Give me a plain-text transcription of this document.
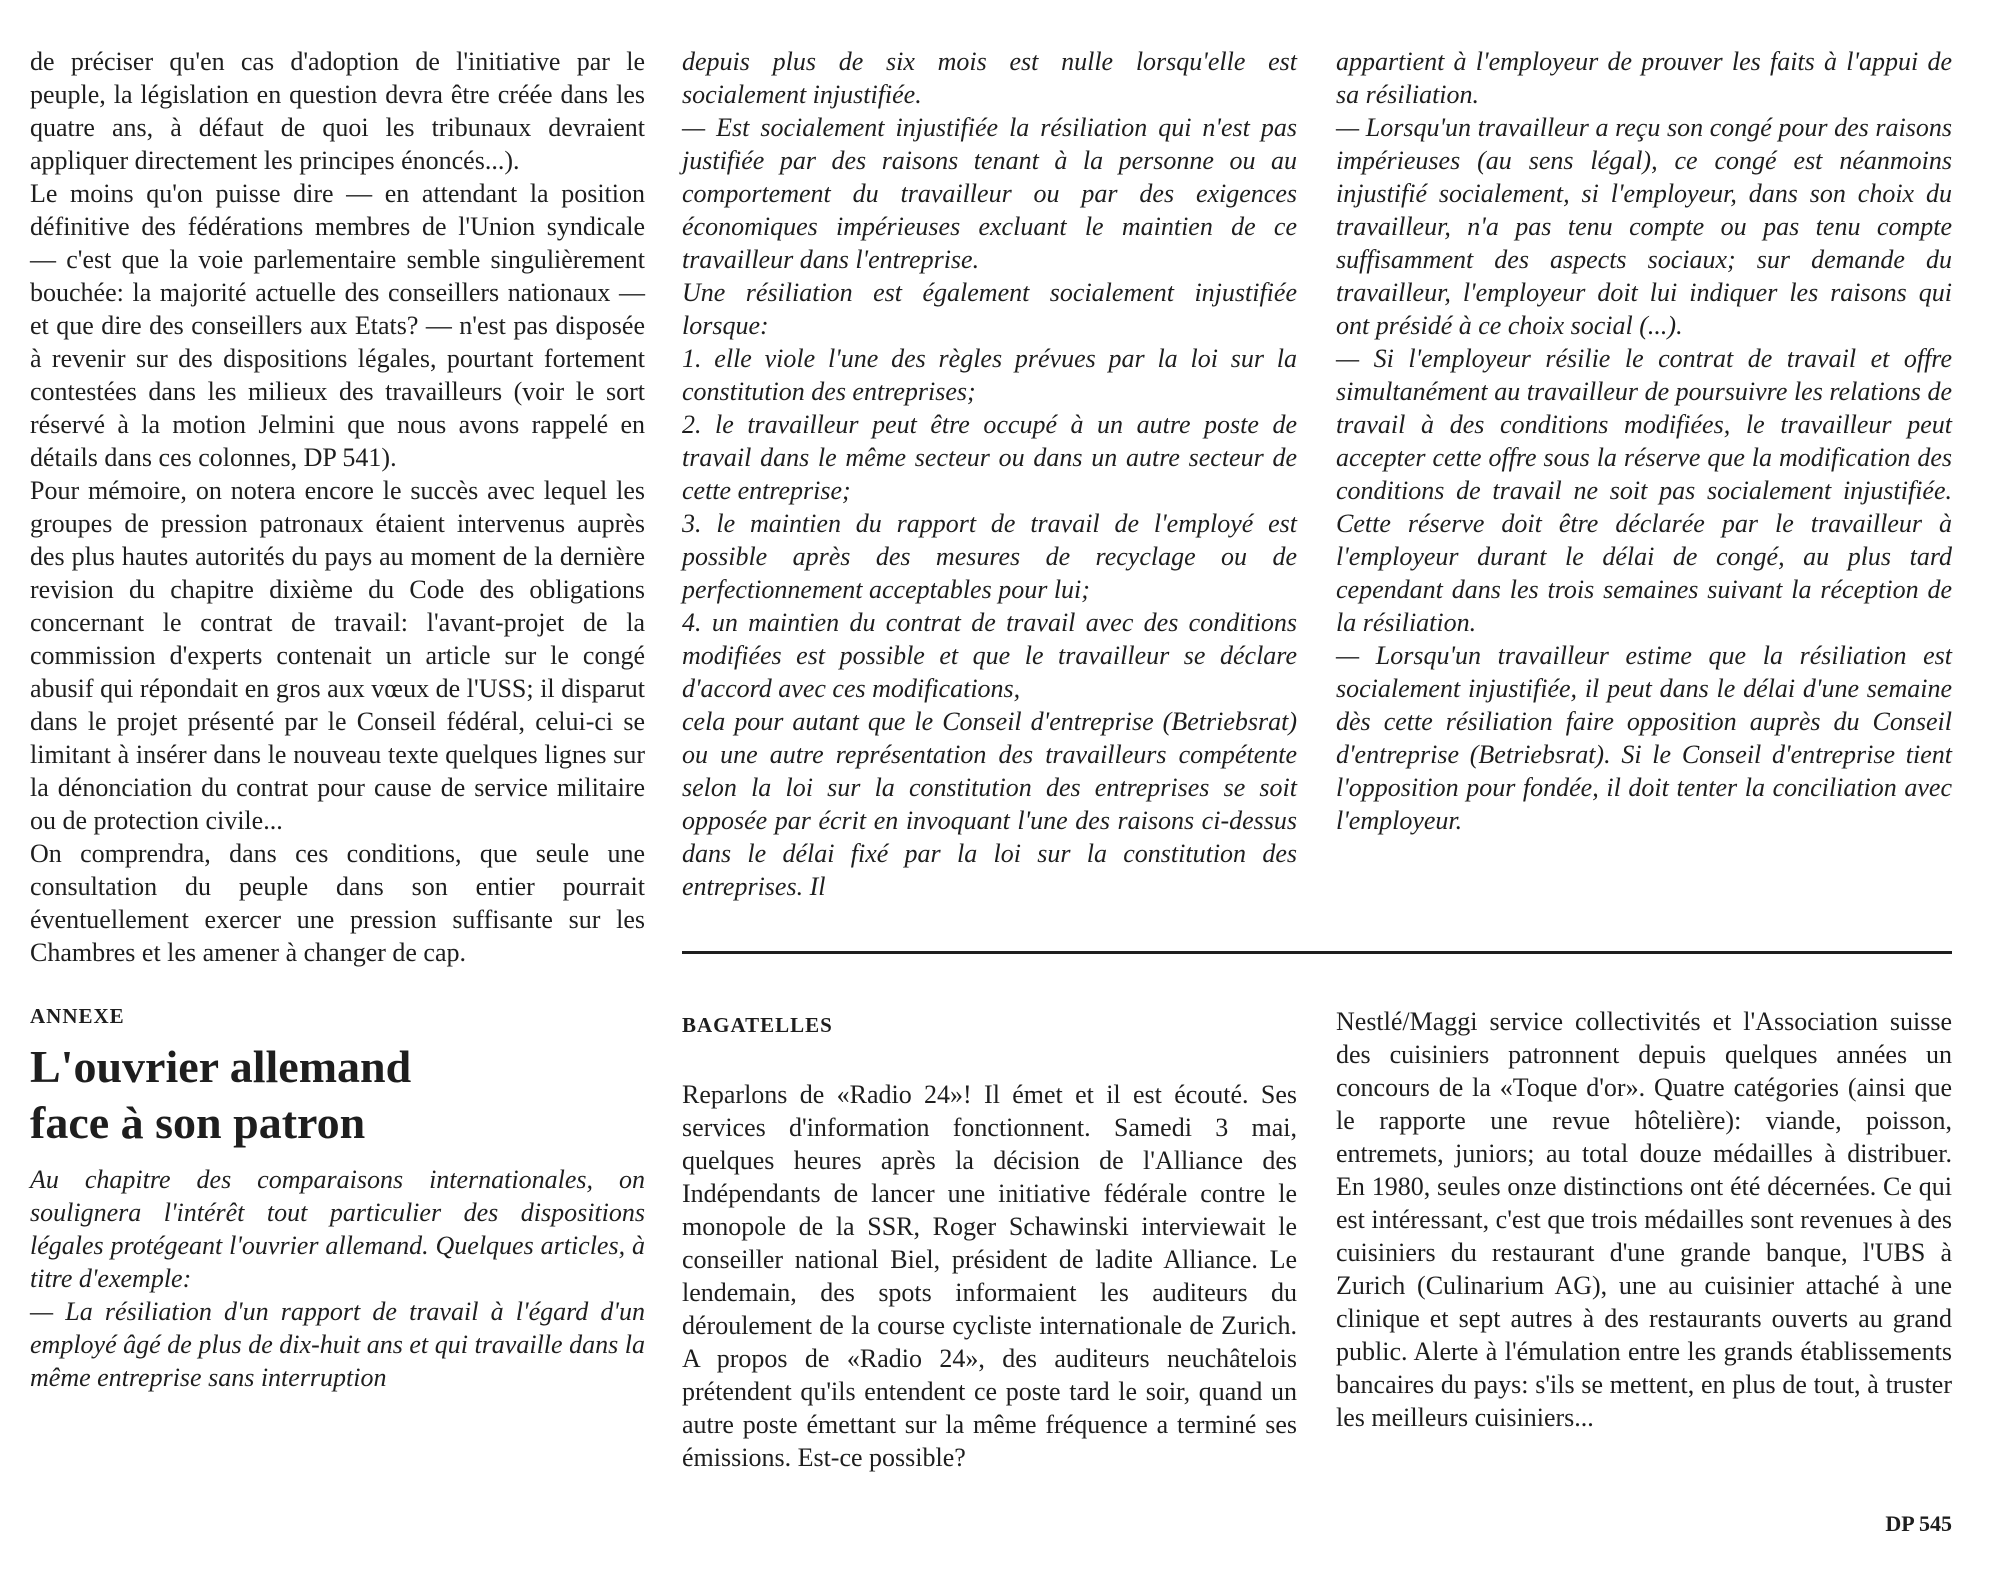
de préciser qu'en cas d'adoption de l'initiative par le peuple, la législation en question devra être créée dans les quatre ans, à défaut de quoi les tribunaux devraient appliquer directement les principes énoncés...).

Le moins qu'on puisse dire — en attendant la position définitive des fédérations membres de l'Union syndicale — c'est que la voie parlementaire semble singulièrement bouchée: la majorité actuelle des conseillers nationaux — et que dire des conseillers aux Etats? — n'est pas disposée à revenir sur des dispositions légales, pourtant fortement contestées dans les milieux des travailleurs (voir le sort réservé à la motion Jelmini que nous avons rappelé en détails dans ces colonnes, DP 541).

Pour mémoire, on notera encore le succès avec lequel les groupes de pression patronaux étaient intervenus auprès des plus hautes autorités du pays au moment de la dernière revision du chapitre dixième du Code des obligations concernant le contrat de travail: l'avant-projet de la commission d'experts contenait un article sur le congé abusif qui répondait en gros aux vœux de l'USS; il disparut dans le projet présenté par le Conseil fédéral, celui-ci se limitant à insérer dans le nouveau texte quelques lignes sur la dénonciation du contrat pour cause de service militaire ou de protection civile...

On comprendra, dans ces conditions, que seule une consultation du peuple dans son entier pourrait éventuellement exercer une pression suffisante sur les Chambres et les amener à changer de cap.

ANNEXE

L'ouvrier allemand
face à son patron

Au chapitre des comparaisons internationales, on soulignera l'intérêt tout particulier des dispositions légales protégeant l'ouvrier allemand. Quelques articles, à titre d'exemple:

— La résiliation d'un rapport de travail à l'égard d'un employé âgé de plus de dix-huit ans et qui travaille dans la même entreprise sans interruption

depuis plus de six mois est nulle lorsqu'elle est socialement injustifiée.

— Est socialement injustifiée la résiliation qui n'est pas justifiée par des raisons tenant à la personne ou au comportement du travailleur ou par des exigences économiques impérieuses excluant le maintien de ce travailleur dans l'entreprise.

Une résiliation est également socialement injustifiée lorsque:

1. elle viole l'une des règles prévues par la loi sur la constitution des entreprises;

2. le travailleur peut être occupé à un autre poste de travail dans le même secteur ou dans un autre secteur de cette entreprise;

3. le maintien du rapport de travail de l'employé est possible après des mesures de recyclage ou de perfectionnement acceptables pour lui;

4. un maintien du contrat de travail avec des conditions modifiées est possible et que le travailleur se déclare d'accord avec ces modifications,

cela pour autant que le Conseil d'entreprise (Betriebsrat) ou une autre représentation des travailleurs compétente selon la loi sur la constitution des entreprises se soit opposée par écrit en invoquant l'une des raisons ci-dessus dans le délai fixé par la loi sur la constitution des entreprises. Il

appartient à l'employeur de prouver les faits à l'appui de sa résiliation.

— Lorsqu'un travailleur a reçu son congé pour des raisons impérieuses (au sens légal), ce congé est néanmoins injustifié socialement, si l'employeur, dans son choix du travailleur, n'a pas tenu compte ou pas tenu compte suffisamment des aspects sociaux; sur demande du travailleur, l'employeur doit lui indiquer les raisons qui ont présidé à ce choix social (...).

— Si l'employeur résilie le contrat de travail et offre simultanément au travailleur de poursuivre les relations de travail à des conditions modifiées, le travailleur peut accepter cette offre sous la réserve que la modification des conditions de travail ne soit pas socialement injustifiée. Cette réserve doit être déclarée par le travailleur à l'employeur durant le délai de congé, au plus tard cependant dans les trois semaines suivant la réception de la résiliation.

— Lorsqu'un travailleur estime que la résiliation est socialement injustifiée, il peut dans le délai d'une semaine dès cette résiliation faire opposition auprès du Conseil d'entreprise (Betriebsrat). Si le Conseil d'entreprise tient l'opposition pour fondée, il doit tenter la conciliation avec l'employeur.

BAGATELLES

Reparlons de «Radio 24»! Il émet et il est écouté. Ses services d'information fonctionnent. Samedi 3 mai, quelques heures après la décision de l'Alliance des Indépendants de lancer une initiative fédérale contre le monopole de la SSR, Roger Schawinski interviewait le conseiller national Biel, président de ladite Alliance. Le lendemain, des spots informaient les auditeurs du déroulement de la course cycliste internationale de Zurich. A propos de «Radio 24», des auditeurs neuchâtelois prétendent qu'ils entendent ce poste tard le soir, quand un autre poste émettant sur la même fréquence a terminé ses émissions. Est-ce possible?

Nestlé/Maggi service collectivités et l'Association suisse des cuisiniers patronnent depuis quelques années un concours de la «Toque d'or». Quatre catégories (ainsi que le rapporte une revue hôtelière): viande, poisson, entremets, juniors; au total douze médailles à distribuer. En 1980, seules onze distinctions ont été décernées. Ce qui est intéressant, c'est que trois médailles sont revenues à des cuisiniers du restaurant d'une grande banque, l'UBS à Zurich (Culinarium AG), une au cuisinier attaché à une clinique et sept autres à des restaurants ouverts au grand public. Alerte à l'émulation entre les grands établissements bancaires du pays: s'ils se mettent, en plus de tout, à truster les meilleurs cuisiniers...

DP 545
